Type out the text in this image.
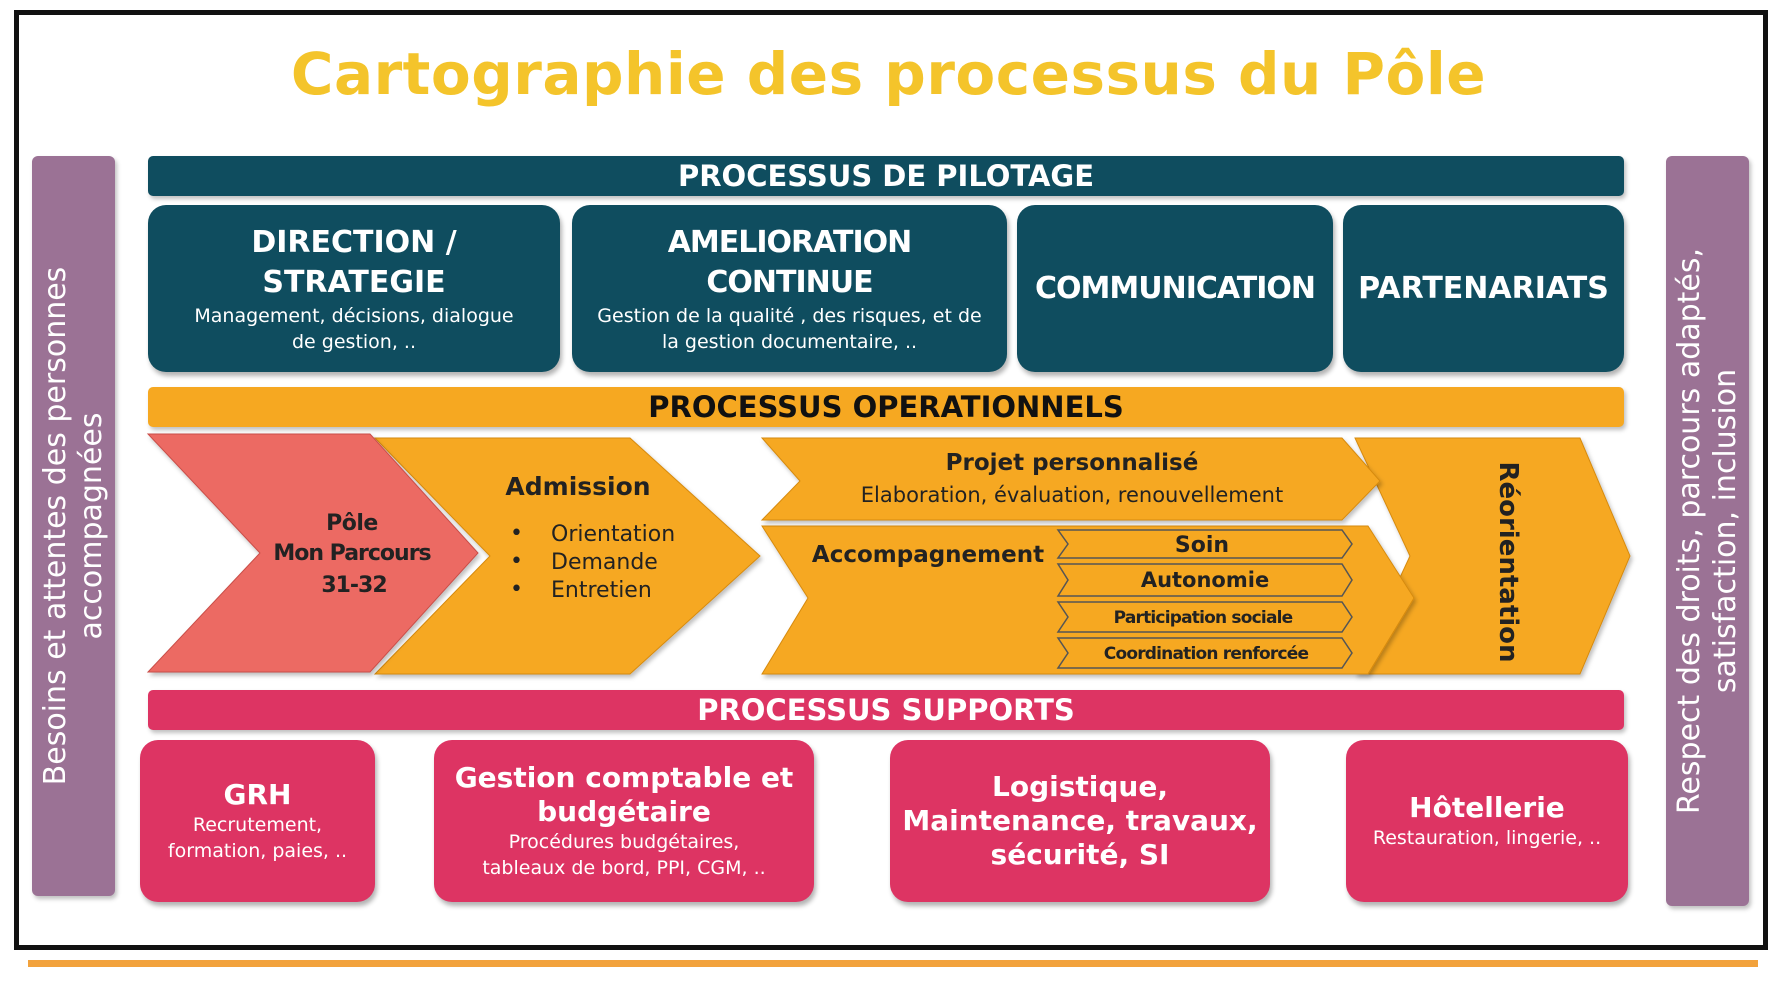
Cartographie des processus du Pôle
Besoins et attentes des personnes accompagnées	Respect des droits, parcours adaptés, satisfaction, inclusion
PROCESSUS DE PILOTAGE
DIRECTION /
STRATEGIE
Management, décisions, dialogue
de gestion, ..
AMELIORATION CONTINUE
Gestion de la qualité , des risques, et de
la gestion documentaire, ..
COMMUNICATION PARTENARIATS
PROCESSUS OPERATIONNELS
Pôle
Mon Parcours
31-32
Admission
•
•
•
Orientation
Demande
Entretien
Projet personnalisé
Elaboration, évaluation, renouvellement
Accompagnement	Soin
Autonomie
Participation sociale
Coordination renforcée	Réorientation
PROCESSUS SUPPORTS
GRH
Recrutement,
formation, paies, ..
Gestion comptable et
budgétaire
Procédures budgétaires,
tableaux de bord, PPI, CGM, ..
Logistique,
Maintenance, travaux,
sécurité, SI
Hôtellerie
Restauration, lingerie, ..
